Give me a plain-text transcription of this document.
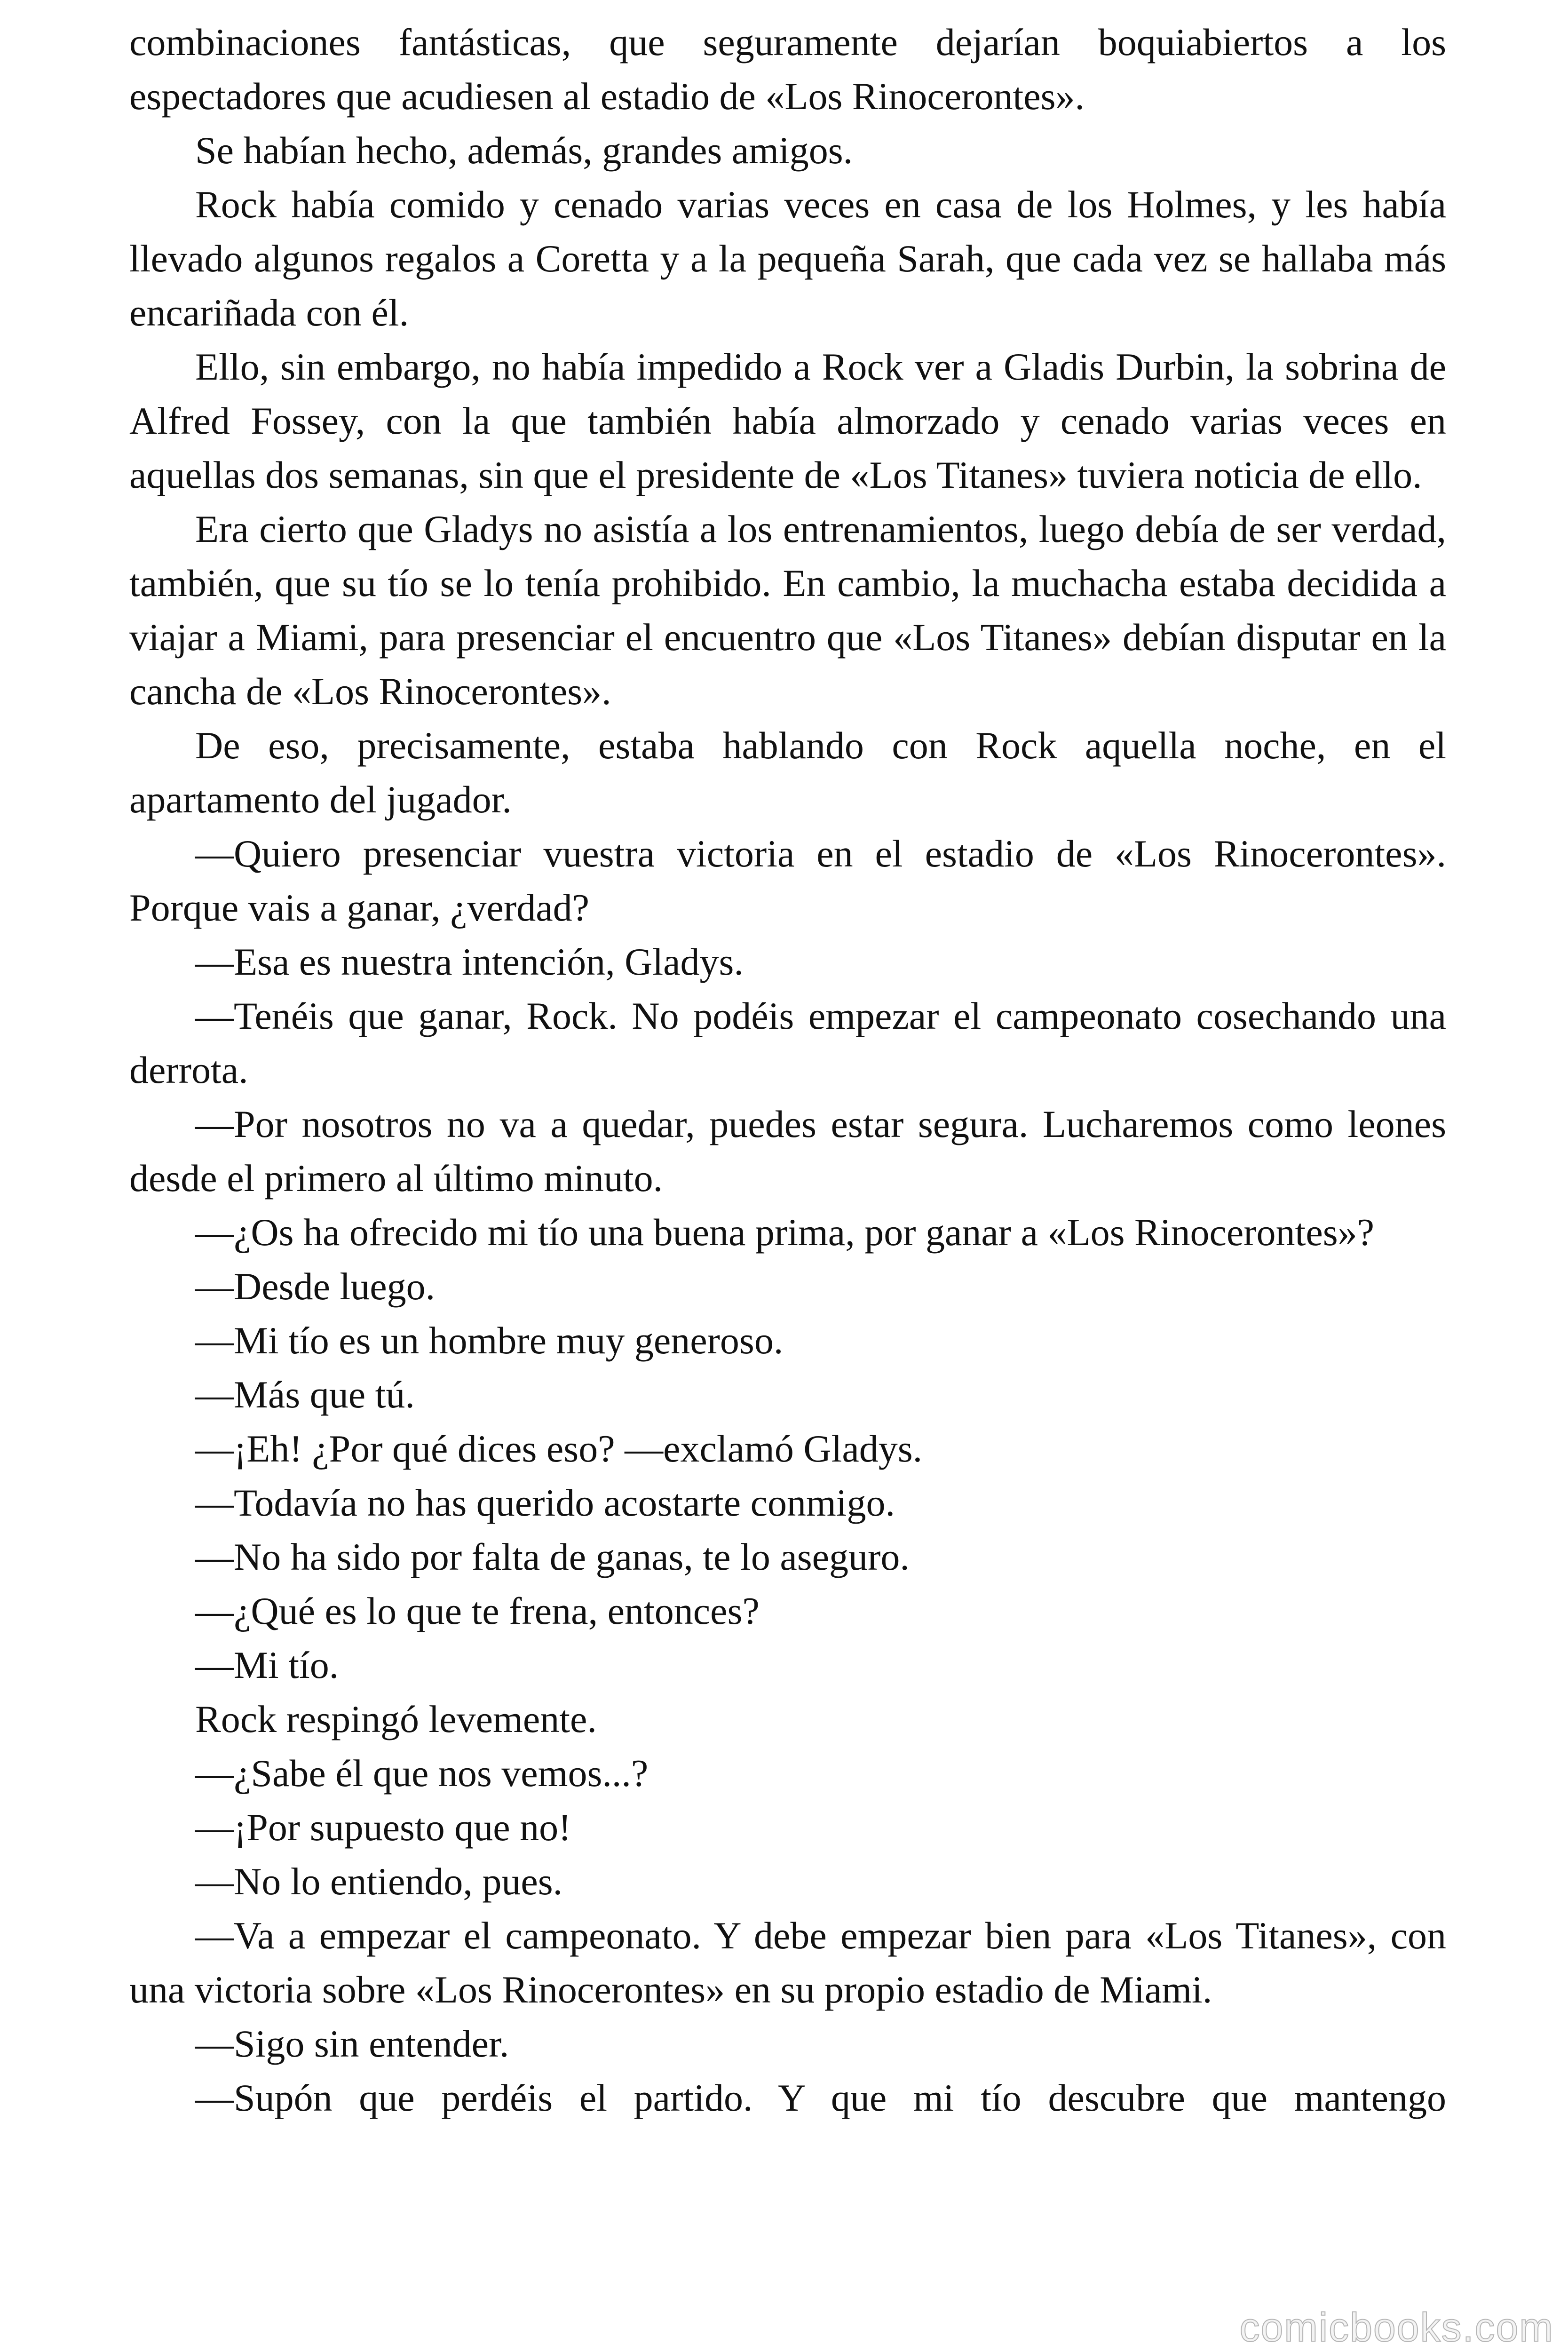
combinaciones fantásticas, que seguramente dejarían boquiabiertos a los espectadores que acudiesen al estadio de «Los Rinocerontes».

Se habían hecho, además, grandes amigos.

Rock había comido y cenado varias veces en casa de los Holmes, y les había llevado algunos regalos a Coretta y a la pequeña Sarah, que cada vez se hallaba más encariñada con él.

Ello, sin embargo, no había impedido a Rock ver a Gladis Durbin, la sobrina de Alfred Fossey, con la que también había almorzado y cenado varias veces en aquellas dos semanas, sin que el presidente de «Los Titanes» tuviera noticia de ello.

Era cierto que Gladys no asistía a los entrenamientos, luego debía de ser verdad, también, que su tío se lo tenía prohibido. En cambio, la muchacha estaba decidida a viajar a Miami, para presenciar el encuentro que «Los Titanes» debían disputar en la cancha de «Los Rinocerontes».

De eso, precisamente, estaba hablando con Rock aquella noche, en el apartamento del jugador.

—Quiero presenciar vuestra victoria en el estadio de «Los Rinocerontes». Porque vais a ganar, ¿verdad?

—Esa es nuestra intención, Gladys.

—Tenéis que ganar, Rock. No podéis empezar el campeonato cosechando una derrota.

—Por nosotros no va a quedar, puedes estar segura. Lucharemos como leones desde el primero al último minuto.

—¿Os ha ofrecido mi tío una buena prima, por ganar a «Los Rinocerontes»?

—Desde luego.

—Mi tío es un hombre muy generoso.

—Más que tú.

—¡Eh! ¿Por qué dices eso? —exclamó Gladys.

—Todavía no has querido acostarte conmigo.

—No ha sido por falta de ganas, te lo aseguro.

—¿Qué es lo que te frena, entonces?

—Mi tío.

Rock respingó levemente.

—¿Sabe él que nos vemos...?

—¡Por supuesto que no!

—No lo entiendo, pues.

—Va a empezar el campeonato. Y debe empezar bien para «Los Titanes», con una victoria sobre «Los Rinocerontes» en su propio estadio de Miami.

—Sigo sin entender.

—Supón que perdéis el partido. Y que mi tío descubre que mantengo

comicbooks.com
